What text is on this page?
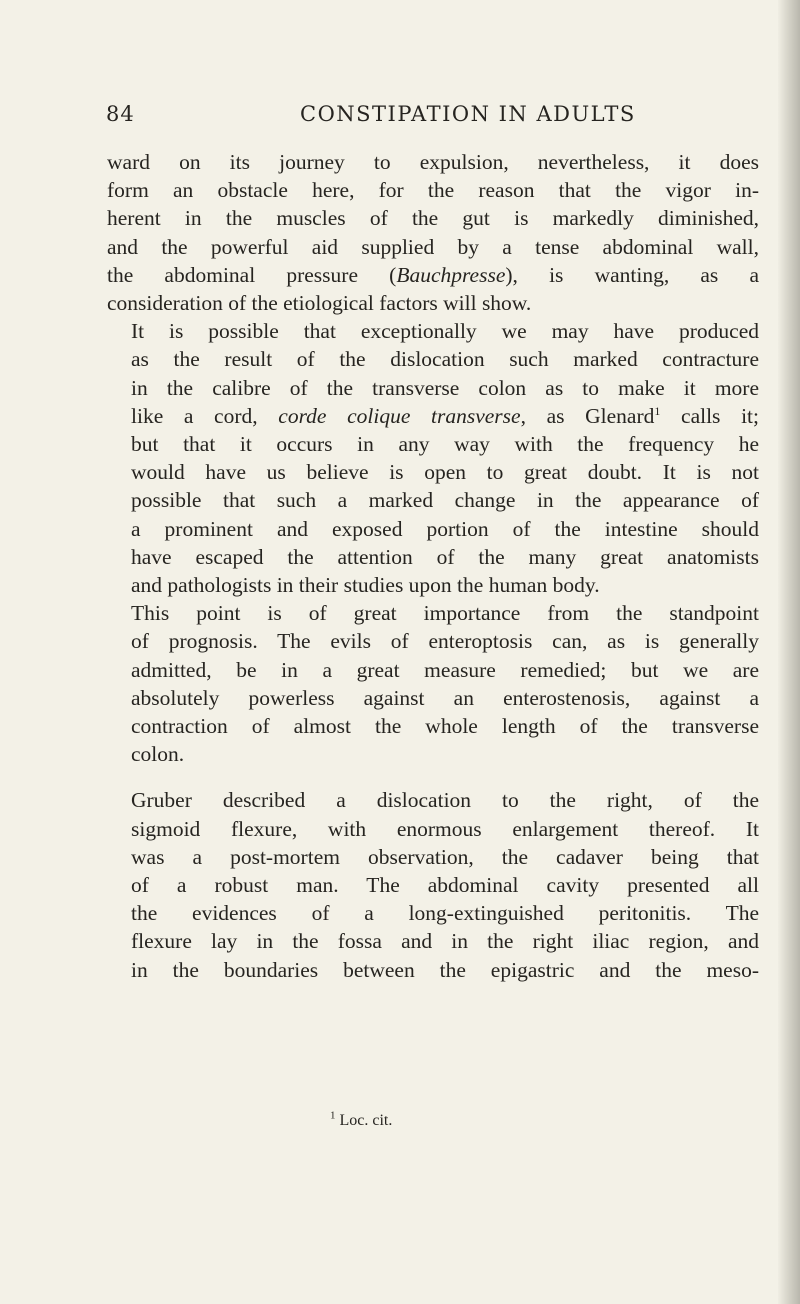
84	CONSTIPATION IN ADULTS

ward on its journey to expulsion, nevertheless, it does
form an obstacle here, for the reason that the vigor in-
herent in the muscles of the gut is markedly diminished,
and the powerful aid supplied by a tense abdominal wall,
the abdominal pressure (Bauchpresse), is wanting, as a
consideration of the etiological factors will show.

It is possible that exceptionally we may have produced
as the result of the dislocation such marked contracture
in the calibre of the transverse colon as to make it more
like a cord, corde colique transverse, as Glenard$^1$ calls it;
but that it occurs in any way with the frequency he
would have us believe is open to great doubt. It is not
possible that such a marked change in the appearance of
a prominent and exposed portion of the intestine should
have escaped the attention of the many great anatomists
and pathologists in their studies upon the human body.

This point is of great importance from the standpoint
of prognosis. The evils of enteroptosis can, as is generally
admitted, be in a great measure remedied; but we are
absolutely powerless against an enterostenosis, against a
contraction of almost the whole length of the transverse
colon.

Gruber described a dislocation to the right, of the
sigmoid flexure, with enormous enlargement thereof. It
was a post-mortem observation, the cadaver being that
of a robust man. The abdominal cavity presented all
the evidences of a long-extinguished peritonitis. The
flexure lay in the fossa and in the right iliac region, and
in the boundaries between the epigastric and the meso-

$^1$ Loc. cit.
